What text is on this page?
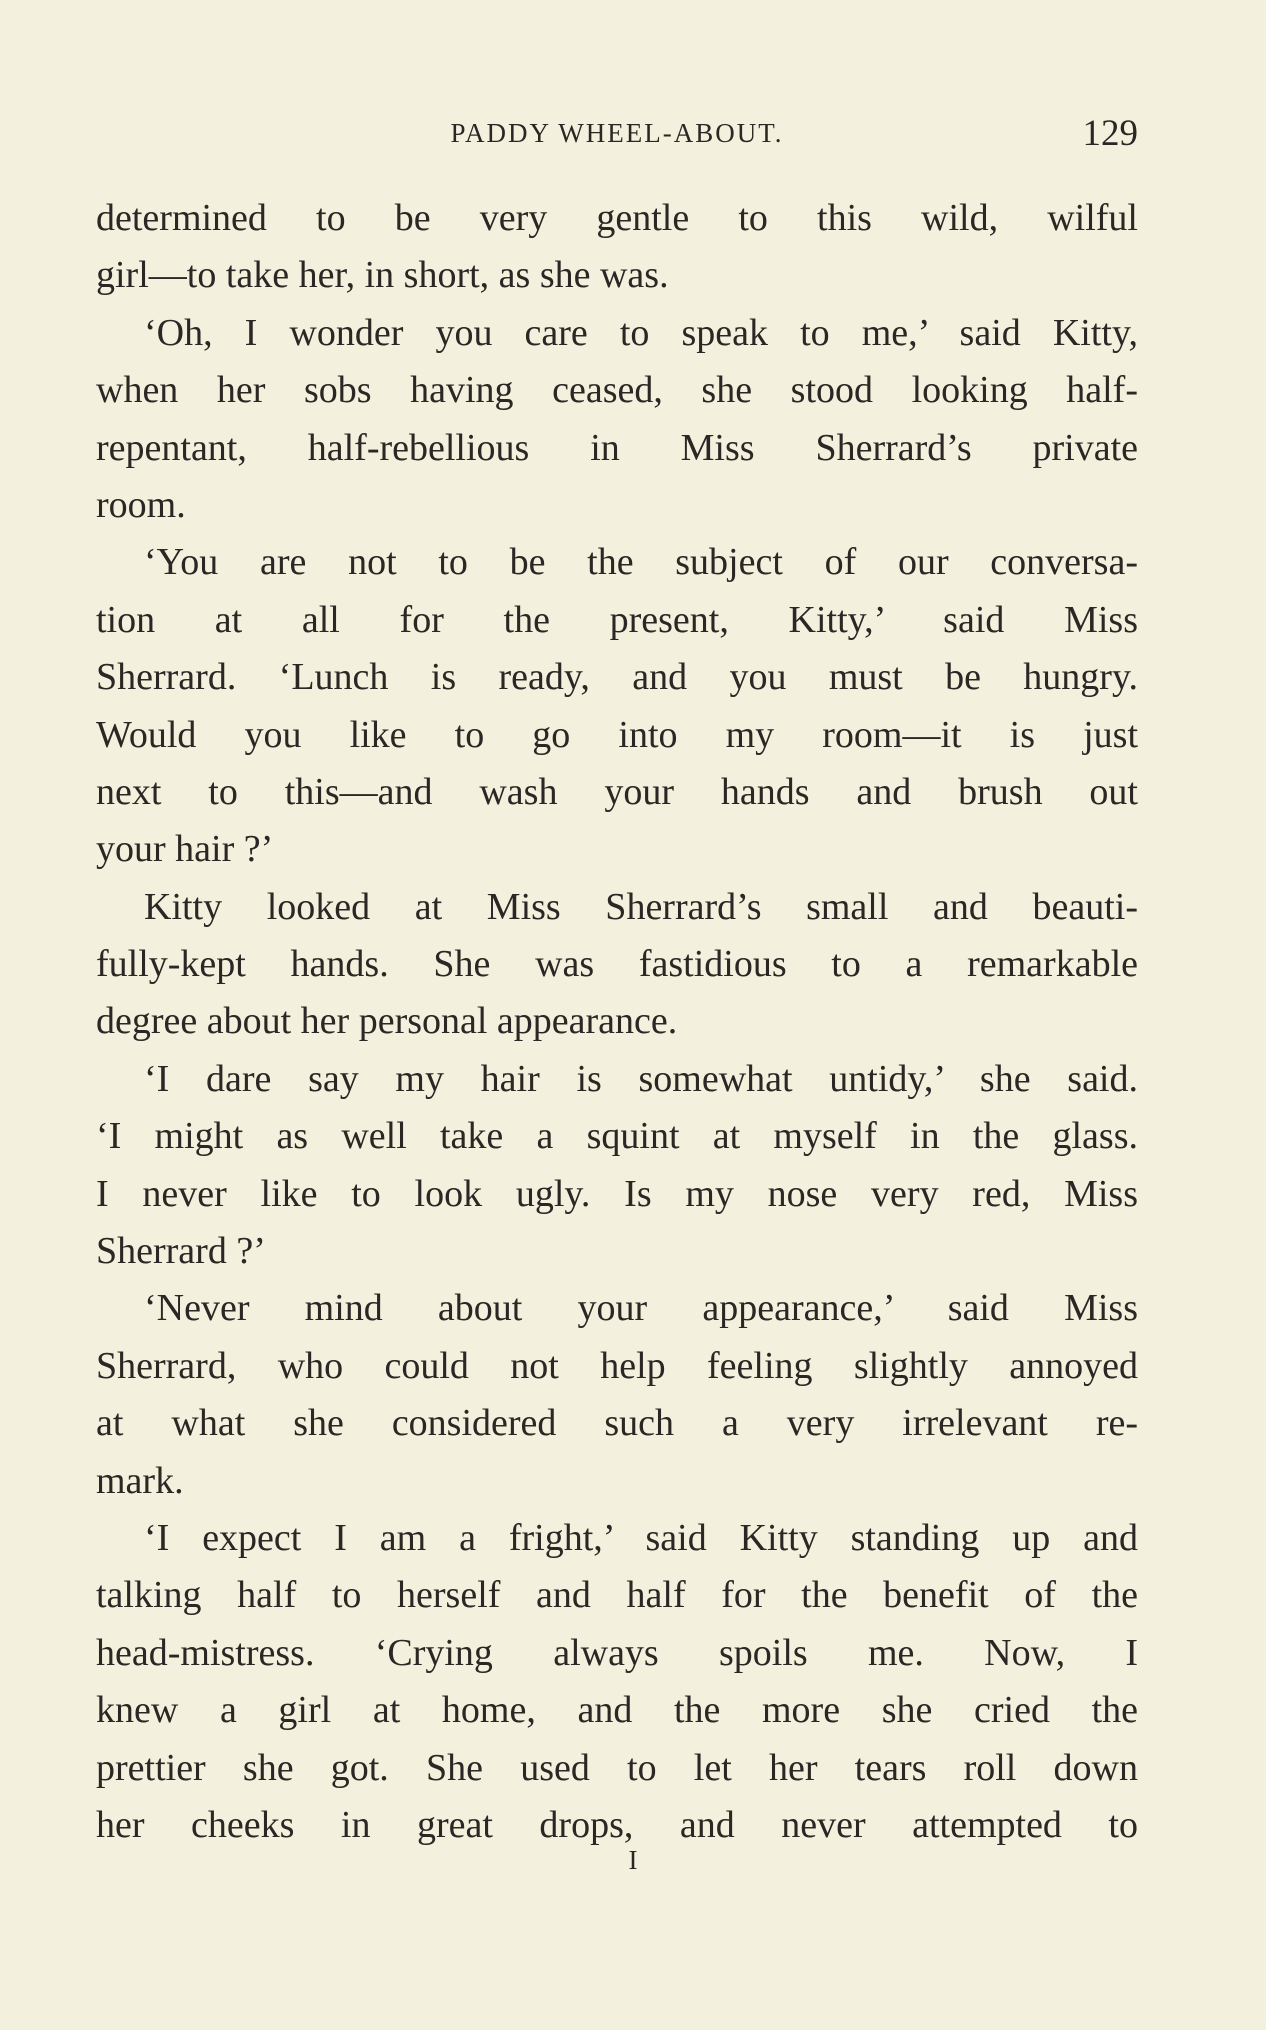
PADDY WHEEL-ABOUT.	129
determined to be very gentle to this wild, wilful
girl—to take her, in short, as she was.
‘Oh, I wonder you care to speak to me,’ said Kitty,
when her sobs having ceased, she stood looking half-
repentant, half-rebellious in Miss Sherrard’s private
room.
‘You are not to be the subject of our conversa-
tion at all for the present, Kitty,’ said Miss
Sherrard. ‘Lunch is ready, and you must be hungry.
Would you like to go into my room—it is just
next to this—and wash your hands and brush out
your hair ?’
Kitty looked at Miss Sherrard’s small and beauti-
fully-kept hands. She was fastidious to a remarkable
degree about her personal appearance.
‘I dare say my hair is somewhat untidy,’ she said.
‘I might as well take a squint at myself in the glass.
I never like to look ugly. Is my nose very red, Miss
Sherrard ?’
‘Never mind about your appearance,’ said Miss
Sherrard, who could not help feeling slightly annoyed
at what she considered such a very irrelevant re-
mark.
‘I expect I am a fright,’ said Kitty standing up and
talking half to herself and half for the benefit of the
head-mistress. ‘Crying always spoils me. Now, I
knew a girl at home, and the more she cried the
prettier she got. She used to let her tears roll down
her cheeks in great drops, and never attempted to
I
